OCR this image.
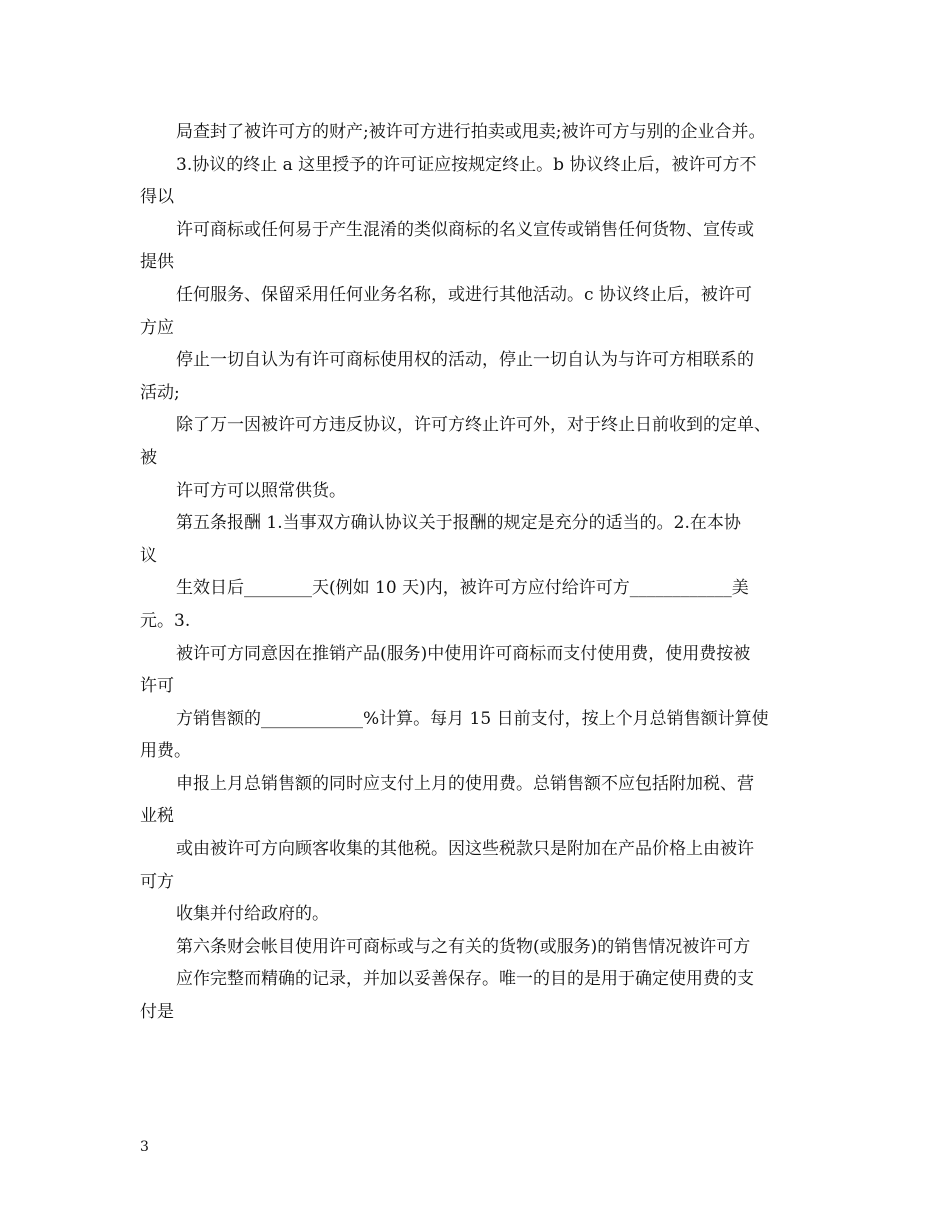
局查封了被许可方的财产;被许可方进行拍卖或甩卖;被许可方与别的企业合并。
3.协议的终止 a 这里授予的许可证应按规定终止。b 协议终止后，被许可方不
得以
许可商标或任何易于产生混淆的类似商标的名义宣传或销售任何货物、宣传或
提供
任何服务、保留采用任何业务名称，或进行其他活动。c 协议终止后，被许可
方应
停止一切自认为有许可商标使用权的活动，停止一切自认为与许可方相联系的
活动;
除了万一因被许可方违反协议，许可方终止许可外，对于终止日前收到的定单、
被
许可方可以照常供货。
第五条报酬 1.当事双方确认协议关于报酬的规定是充分的适当的。2.在本协
议
生效日后________天(例如 10 天)内，被许可方应付给许可方____________美
元。3.
被许可方同意因在推销产品(服务)中使用许可商标而支付使用费，使用费按被
许可
方销售额的____________%计算。每月 15 日前支付，按上个月总销售额计算使
用费。
申报上月总销售额的同时应支付上月的使用费。总销售额不应包括附加税、营
业税
或由被许可方向顾客收集的其他税。因这些税款只是附加在产品价格上由被许
可方
收集并付给政府的。
第六条财会帐目使用许可商标或与之有关的货物(或服务)的销售情况被许可方
应作完整而精确的记录，并加以妥善保存。唯一的目的是用于确定使用费的支
付是
3
